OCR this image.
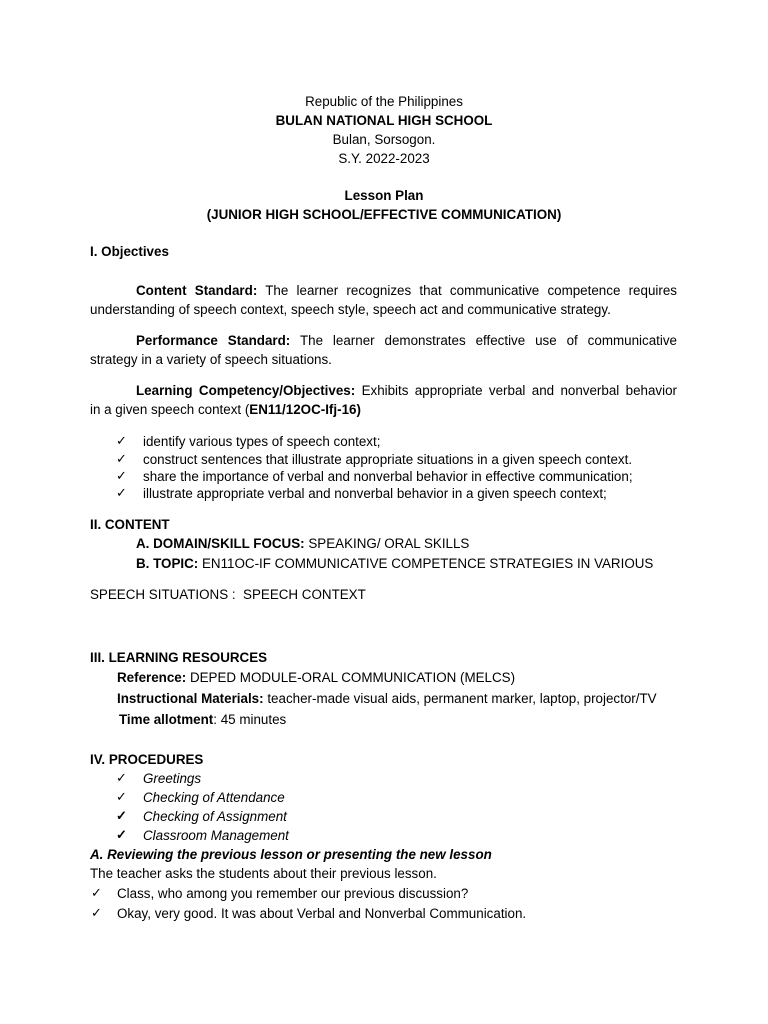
Republic of the Philippines
BULAN NATIONAL HIGH SCHOOL
Bulan, Sorsogon.
S.Y. 2022-2023
Lesson Plan
(JUNIOR HIGH SCHOOL/EFFECTIVE COMMUNICATION)
I. Objectives
Content Standard: The learner recognizes that communicative competence requires
understanding of speech context, speech style, speech act and communicative strategy.
Performance Standard: The learner demonstrates effective use of communicative
strategy in a variety of speech situations.
Learning Competency/Objectives: Exhibits appropriate verbal and nonverbal behavior
in a given speech context (EN11/12OC-Ifj-16)
✓ identify various types of speech context;
✓ construct sentences that illustrate appropriate situations in a given speech context.
✓ share the importance of verbal and nonverbal behavior in effective communication;
✓ illustrate appropriate verbal and nonverbal behavior in a given speech context;
II. CONTENT
A. DOMAIN/SKILL FOCUS: SPEAKING/ ORAL SKILLS
B. TOPIC: EN11OC-IF COMMUNICATIVE COMPETENCE STRATEGIES IN VARIOUS
SPEECH SITUATIONS :  SPEECH CONTEXT
III. LEARNING RESOURCES
Reference: DEPED MODULE-ORAL COMMUNICATION (MELCS)
Instructional Materials: teacher-made visual aids, permanent marker, laptop, projector/TV
Time allotment: 45 minutes
IV. PROCEDURES
✓ Greetings
✓ Checking of Attendance
✓ Checking of Assignment
✓ Classroom Management
A. Reviewing the previous lesson or presenting the new lesson
The teacher asks the students about their previous lesson.
✓ Class, who among you remember our previous discussion?
✓ Okay, very good. It was about Verbal and Nonverbal Communication.
